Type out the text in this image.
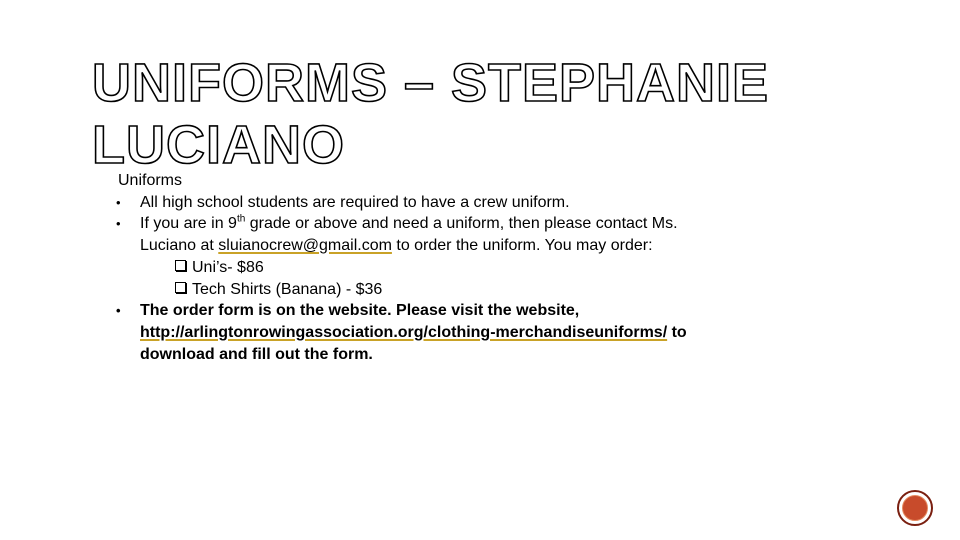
UNIFORMS – STEPHANIE LUCIANO
Uniforms
• All high school students are required to have a crew uniform.
• If you are in 9th grade or above and need a uniform, then please contact Ms.
Luciano at sluianocrew@gmail.com to order the uniform. You may order:
Uni’s- $86
Tech Shirts (Banana) - $36
• The order form is on the website. Please visit the website,
http://arlingtonrowingassociation.org/clothing-merchandiseuniforms/ to
download and fill out the form.
